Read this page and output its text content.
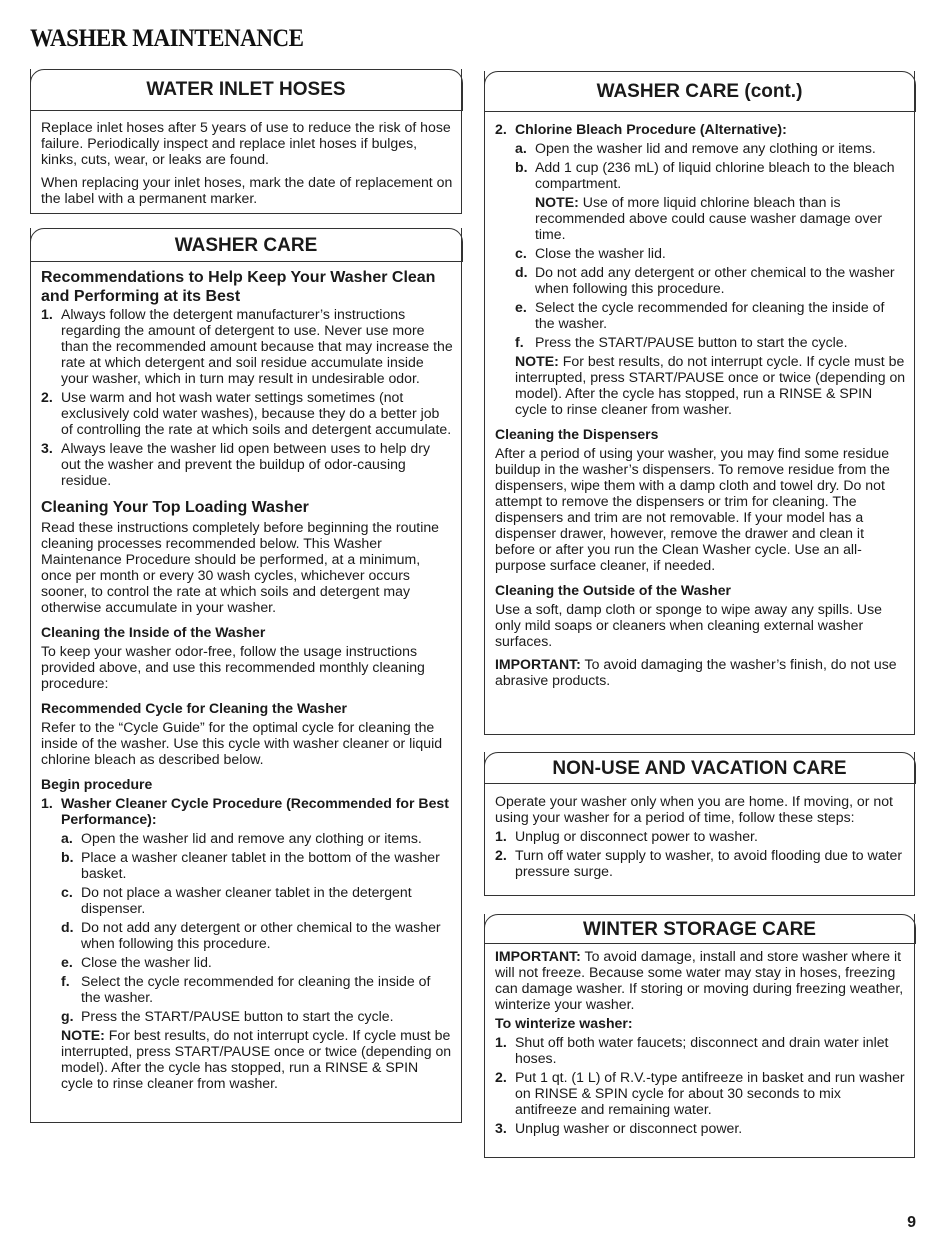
WASHER MAINTENANCE
WATER INLET HOSES

Replace inlet hoses after 5 years of use to reduce the risk of hose failure. Periodically inspect and replace inlet hoses if bulges, kinks, cuts, wear, or leaks are found.

When replacing your inlet hoses, mark the date of replacement on the label with a permanent marker.

WASHER CARE
Recommendations to Help Keep Your Washer Clean and Performing at its Best
1. Always follow the detergent manufacturer’s instructions regarding the amount of detergent to use. Never use more than the recommended amount because that may increase the rate at which detergent and soil residue accumulate inside your washer, which in turn may result in undesirable odor.
2. Use warm and hot wash water settings sometimes (not exclusively cold water washes), because they do a better job of controlling the rate at which soils and detergent accumulate.
3. Always leave the washer lid open between uses to help dry out the washer and prevent the buildup of odor-causing residue.
Cleaning Your Top Loading Washer

Read these instructions completely before beginning the routine cleaning processes recommended below. This Washer Maintenance Procedure should be performed, at a minimum, once per month or every 30 wash cycles, whichever occurs sooner, to control the rate at which soils and detergent may otherwise accumulate in your washer.

Cleaning the Inside of the Washer

To keep your washer odor-free, follow the usage instructions provided above, and use this recommended monthly cleaning procedure:

Recommended Cycle for Cleaning the Washer

Refer to the “Cycle Guide” for the optimal cycle for cleaning the inside of the washer. Use this cycle with washer cleaner or liquid chlorine bleach as described below.

Begin procedure
1. Washer Cleaner Cycle Procedure (Recommended for Best Performance):
a. Open the washer lid and remove any clothing or items.
b. Place a washer cleaner tablet in the bottom of the washer basket.
c. Do not place a washer cleaner tablet in the detergent dispenser.
d. Do not add any detergent or other chemical to the washer when following this procedure.
e. Close the washer lid.
f. Select the cycle recommended for cleaning the inside of the washer.
g. Press the START/PAUSE button to start the cycle.
NOTE: For best results, do not interrupt cycle. If cycle must be interrupted, press START/PAUSE once or twice (depending on model). After the cycle has stopped, run a RINSE & SPIN cycle to rinse cleaner from washer.
WASHER CARE (cont.)
2. Chlorine Bleach Procedure (Alternative):
a. Open the washer lid and remove any clothing or items.
b. Add 1 cup (236 mL) of liquid chlorine bleach to the bleach compartment.
NOTE: Use of more liquid chlorine bleach than is recommended above could cause washer damage over time.
c. Close the washer lid.
d. Do not add any detergent or other chemical to the washer when following this procedure.
e. Select the cycle recommended for cleaning the inside of the washer.
f. Press the START/PAUSE button to start the cycle.
NOTE: For best results, do not interrupt cycle. If cycle must be interrupted, press START/PAUSE once or twice (depending on model). After the cycle has stopped, run a RINSE & SPIN cycle to rinse cleaner from washer.
Cleaning the Dispensers

After a period of using your washer, you may find some residue buildup in the washer’s dispensers. To remove residue from the dispensers, wipe them with a damp cloth and towel dry. Do not attempt to remove the dispensers or trim for cleaning. The dispensers and trim are not removable. If your model has a dispenser drawer, however, remove the drawer and clean it before or after you run the Clean Washer cycle. Use an all-purpose surface cleaner, if needed.

Cleaning the Outside of the Washer

Use a soft, damp cloth or sponge to wipe away any spills. Use only mild soaps or cleaners when cleaning external washer surfaces.

IMPORTANT: To avoid damaging the washer’s finish, do not use abrasive products.

NON-USE AND VACATION CARE

Operate your washer only when you are home. If moving, or not using your washer for a period of time, follow these steps:

1. Unplug or disconnect power to washer.
2. Turn off water supply to washer, to avoid flooding due to water pressure surge.
WINTER STORAGE CARE

IMPORTANT: To avoid damage, install and store washer where it will not freeze. Because some water may stay in hoses, freezing can damage washer. If storing or moving during freezing weather, winterize your washer.

To winterize washer:
1. Shut off both water faucets; disconnect and drain water inlet hoses.
2. Put 1 qt. (1 L) of R.V.-type antifreeze in basket and run washer on RINSE & SPIN cycle for about 30 seconds to mix antifreeze and remaining water.
3. Unplug washer or disconnect power.
9
